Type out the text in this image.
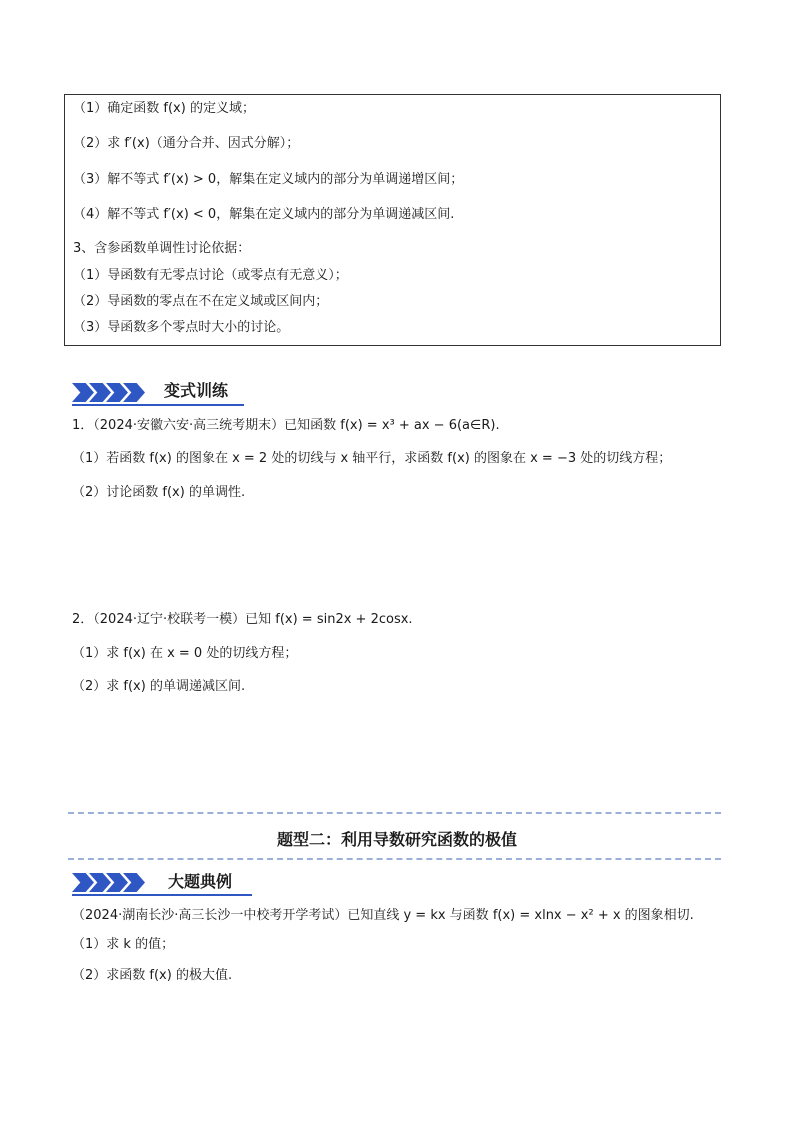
（1）确定函数 f(x) 的定义域；
（2）求 f′(x)（通分合并、因式分解）；
（3）解不等式 f′(x) > 0，解集在定义域内的部分为单调递增区间；
（4）解不等式 f′(x) < 0，解集在定义域内的部分为单调递减区间.
3、含参函数单调性讨论依据：
（1）导函数有无零点讨论（或零点有无意义）；
（2）导函数的零点在不在定义域或区间内；
（3）导函数多个零点时大小的讨论。
变式训练
1．（2024·安徽六安·高三统考期末）已知函数 f(x) = x³ + ax − 6(a∈R).
（1）若函数 f(x) 的图象在 x = 2 处的切线与 x 轴平行，求函数 f(x) 的图象在 x = −3 处的切线方程；
（2）讨论函数 f(x) 的单调性.
2．（2024·辽宁·校联考一模）已知 f(x) = sin2x + 2cosx.
（1）求 f(x) 在 x = 0 处的切线方程；
（2）求 f(x) 的单调递减区间.
题型二：利用导数研究函数的极值
大题典例
（2024·湖南长沙·高三长沙一中校考开学考试）已知直线 y = kx 与函数 f(x) = xlnx − x² + x 的图象相切.
（1）求 k 的值；
（2）求函数 f(x) 的极大值.
